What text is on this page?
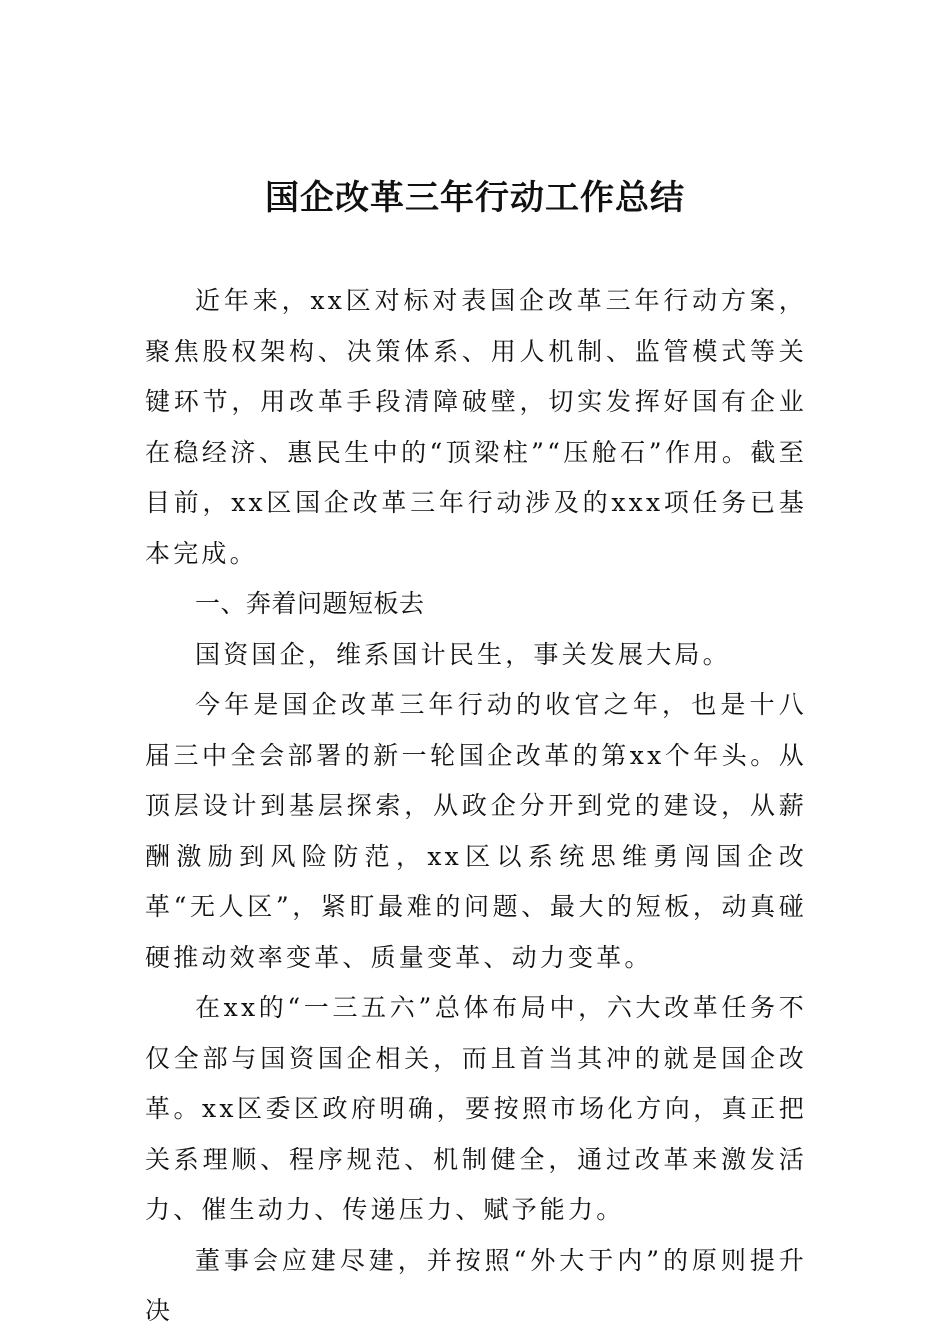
国企改革三年行动工作总结

近年来，xx区对标对表国企改革三年行动方案，聚焦股权架构、决策体系、用人机制、监管模式等关键环节，用改革手段清障破壁，切实发挥好国有企业在稳经济、惠民生中的“顶梁柱”“压舱石”作用。截至目前，xx区国企改革三年行动涉及的xxx项任务已基本完成。

一、奔着问题短板去

国资国企，维系国计民生，事关发展大局。

今年是国企改革三年行动的收官之年，也是十八届三中全会部署的新一轮国企改革的第xx个年头。从顶层设计到基层探索，从政企分开到党的建设，从薪酬激励到风险防范，xx区以系统思维勇闯国企改革“无人区”，紧盯最难的问题、最大的短板，动真碰硬推动效率变革、质量变革、动力变革。

在xx的“一三五六”总体布局中，六大改革任务不仅全部与国资国企相关，而且首当其冲的就是国企改革。xx区委区政府明确，要按照市场化方向，真正把关系理顺、程序规范、机制健全，通过改革来激发活力、催生动力、传递压力、赋予能力。

董事会应建尽建，并按照“外大于内”的原则提升决
